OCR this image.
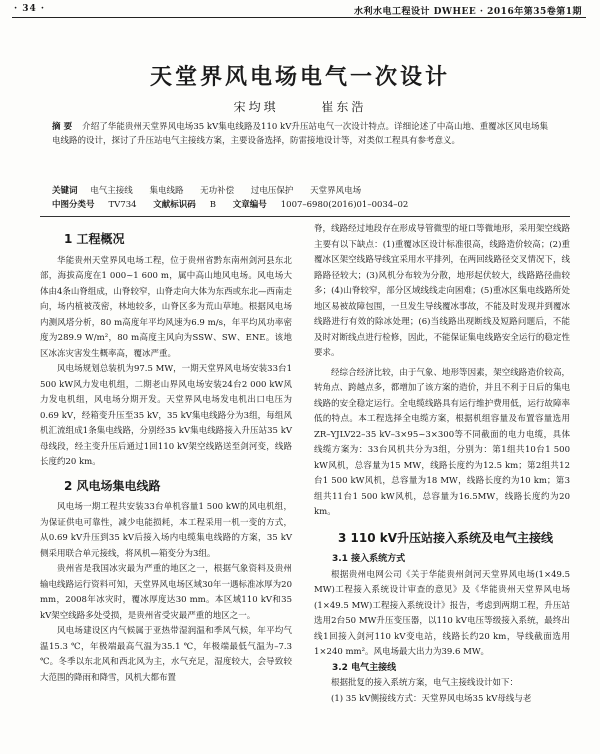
· 34 ·	水利水电工程设计 DWHEE · 2016年第35卷第1期
天堂界风电场电气一次设计
宋均琪	崔东浩
摘 要 介绍了华能贵州天堂界风电场35 kV集电线路及110 kV升压站电气一次设计特点。详细论述了中高山地、重覆冰区风电场集电线路的设计，探讨了升压站电气主接线方案，主要设备选择，防雷接地设计等，对类似工程具有参考意义。
关键词 电气主接线 集电线路 无功补偿 过电压保护 天堂界风电场
中图分类号 TV734 文献标识码 B 文章编号 1007–6980(2016)01–0034–02

1 工程概况

华能贵州天堂界风电场工程，位于贵州省黔东南州剑河县东北部，海拔高度在1 000~1 600 m，属中高山地风电场。风电场大体由4条山脊组成，山脊较窄，山脊走向大体为东西或东北—西南走向，场内植被茂密，林地较多，山脊区多为荒山草地。根据风电场内测风塔分析，80 m高度年平均风速为6.9 m/s，年平均风功率密度为289.9 W/m²，80 m高度主风向为SSW、SW、ENE。该地区冰冻灾害发生概率高，覆冰严重。

风电场规划总装机为97.5 MW，一期天堂界风电场安装33台1 500 kW风力发电机组，二期老山界风电场安装24台2 000 kW风力发电机组，风电场分期开发。天堂界风电场发电机出口电压为0.69 kV，经箱变升压至35 kV，35 kV集电线路分为3组，每组风机汇流组成1条集电线路，分别经35 kV集电线路接入升压站35 kV母线段，经主变升压后通过1回110 kV架空线路送至剑河变，线路长度约20 km。

2 风电场集电线路

风电场一期工程共安装33台单机容量1 500 kW的风电机组，为保证供电可靠性，减少电能损耗，本工程采用一机一变的方式，从0.69 kV升压到35 kV后接入场内电缆集电线路的方案，35 kV侧采用联合单元接线，将风机—箱变分为3组。

贵州省是我国冰灾最为严重的地区之一，根据气象资料及贵州输电线路运行资料可知，天堂界风电场区域30年一遇标准冰厚为20 mm，2008年冰灾时，覆冰厚度达30 mm。本区域110 kV和35 kV架空线路多处受损，是贵州省受灾最严重的地区之一。

风电场建设区内气候属于亚热带湿润温和季风气候，年平均气温15.3 ℃，年极端最高气温为35.1 ℃，年极端最低气温为–7.3 ℃。冬季以东北风和西北风为主，水气充足，湿度较大，会导致较大范围的降雨和降雪，风机大都布置

脊，线路经过地段存在形成导管微型的垭口等微地形，采用架空线路主要有以下缺点：(1)重覆冰区设计标准很高，线路造价较高；(2)重覆冰区架空线路导线宜采用水平排列，在两回线路径交叉情况下，线路路径较大；(3)风机分布较为分散，地形起伏较大，线路路径曲较多；(4)山脊较窄，部分区域线线走向困难；(5)重冰区集电线路所处地区易被故障包围，一旦发生导线覆冰事故，不能及时发现并到覆冰线路进行有效的除冰处理；(6)当线路出现断线及短路问题后，不能及时对断线点进行检修，因此，不能保证集电线路安全运行的稳定性要求。

经综合经济比较，由于气象、地形等因素，架空线路造价较高，转角点、跨越点多，都增加了该方案的造价，并且不利于日后的集电线路的安全稳定运行。全电缆线路具有运行维护费用低，运行故障率低的特点。本工程选择全电缆方案，根据机组容量及布置容量选用ZR–YJLV22–35 kV–3×95~3×300等不同截面的电力电缆，具体线缆方案为：33台风机共分为3组，分别为：第1组共10台1 500 kW风机，总容量为15 MW，线路长度约为12.5 km；第2组共12台1 500 kW风机，总容量为18 MW，线路长度约为10 km；第3组共11台1 500 kW风机，总容量为16.5MW，线路长度约为20 km。

3 110 kV升压站接入系统及电气主接线

3.1 接入系统方式

根据贵州电网公司《关于华能贵州剑河天堂界风电场(1×49.5 MW)工程接入系统设计审查的意见》及《华能贵州天堂界风电场(1×49.5 MW)工程接入系统设计》报告，考虑到两期工程，升压站选用2台50 MW升压变压器，以110 kV电压等级接入系统，最终出线1回接入剑河110 kV变电站，线路长约20 km，导线截面选用1×240 mm²。风电场最大出力为39.6 MW。

3.2 电气主接线

根据批复的接入系统方案，电气主接线设计如下：

(1) 35 kV侧接线方式：天堂界风电场35 kV母线与老
